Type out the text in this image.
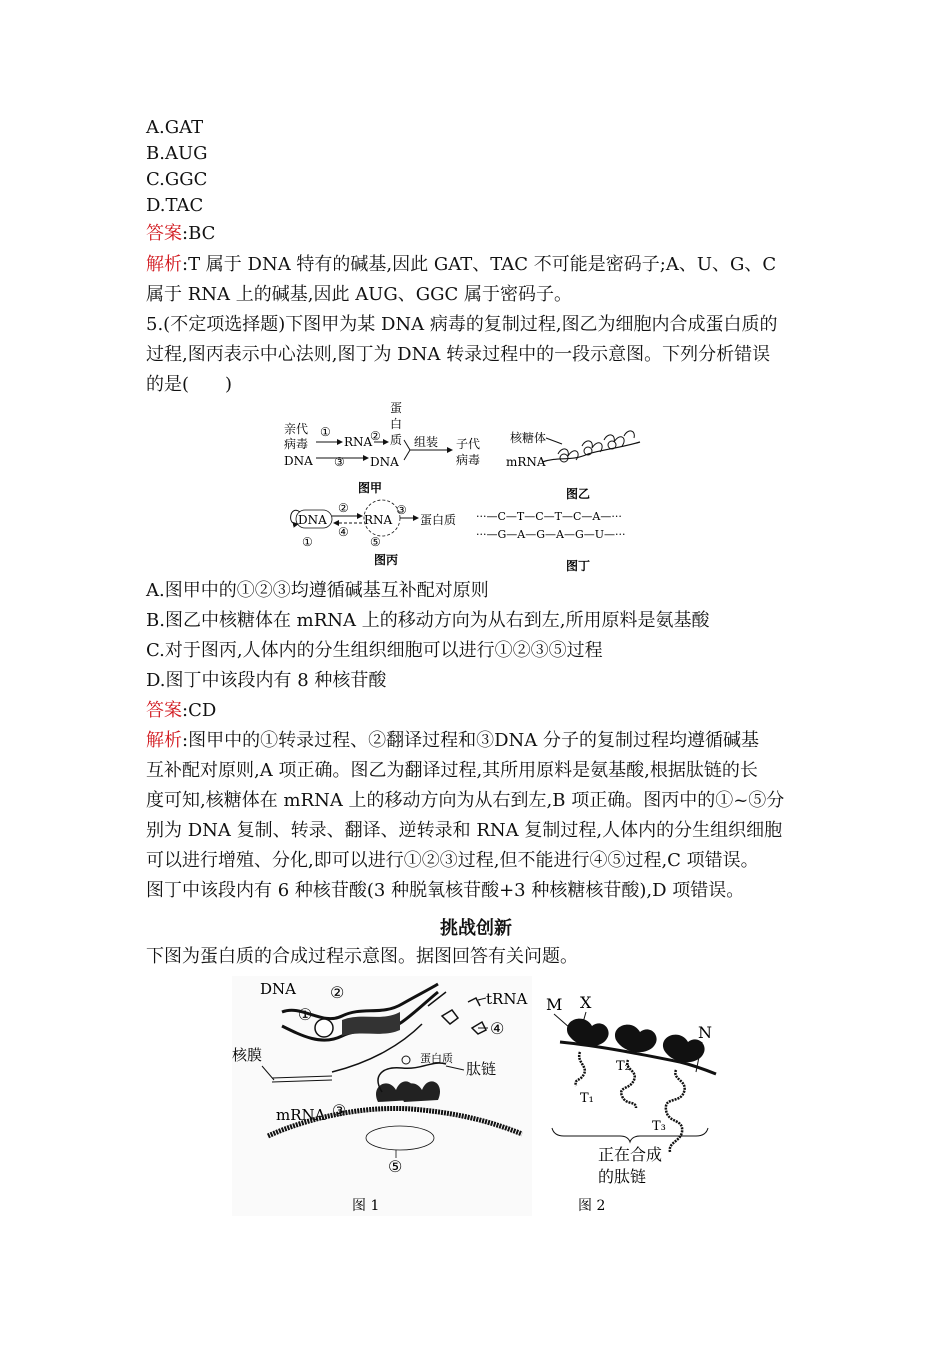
A.GAT
B.AUG
C.GGC
D.TAC
答案:BC
解析:T 属于 DNA 特有的碱基,因此 GAT、TAC 不可能是密码子;A、U、G、C
属于 RNA 上的碱基,因此 AUG、GGC 属于密码子。
5.(不定项选择题)下图甲为某 DNA 病毒的复制过程,图乙为细胞内合成蛋白质的
过程,图丙表示中心法则,图丁为 DNA 转录过程中的一段示意图。下列分析错误
的是(　　)
亲代
病毒
DNA
①
RNA
②
蛋
白
质
③ DNA
组装 子代
病毒
图甲
核糖体
mRNA
图乙
DNA
②
④
RNA
③
蛋白质
①	⑤
图丙
···—C—T—C—T—C—A—···
···—G—A—G—A—G—U—···
图丁
A.图甲中的①②③均遵循碱基互补配对原则
B.图乙中核糖体在 mRNA 上的移动方向为从右到左,所用原料是氨基酸
C.对于图丙,人体内的分生组织细胞可以进行①②③⑤过程
D.图丁中该段内有 8 种核苷酸
答案:CD
解析:图甲中的①转录过程、②翻译过程和③DNA 分子的复制过程均遵循碱基
互补配对原则,A 项正确。图乙为翻译过程,其所用原料是氨基酸,根据肽链的长
度可知,核糖体在 mRNA 上的移动方向为从右到左,B 项正确。图丙中的①~⑤分
别为 DNA 复制、转录、翻译、逆转录和 RNA 复制过程,人体内的分生组织细胞
可以进行增殖、分化,即可以进行①②③过程,但不能进行④⑤过程,C 项错误。
图丁中该段内有 6 种核苷酸(3 种脱氧核苷酸+3 种核糖核苷酸),D 项错误。
挑战创新
下图为蛋白质的合成过程示意图。据图回答有关问题。
DNA ②
①
tRNA
④
核膜	蛋白质
肽链
mRNA ③
⑤
图 1
M X
N
T₁
T₂
T₃
正在合成
的肽链
图 2
